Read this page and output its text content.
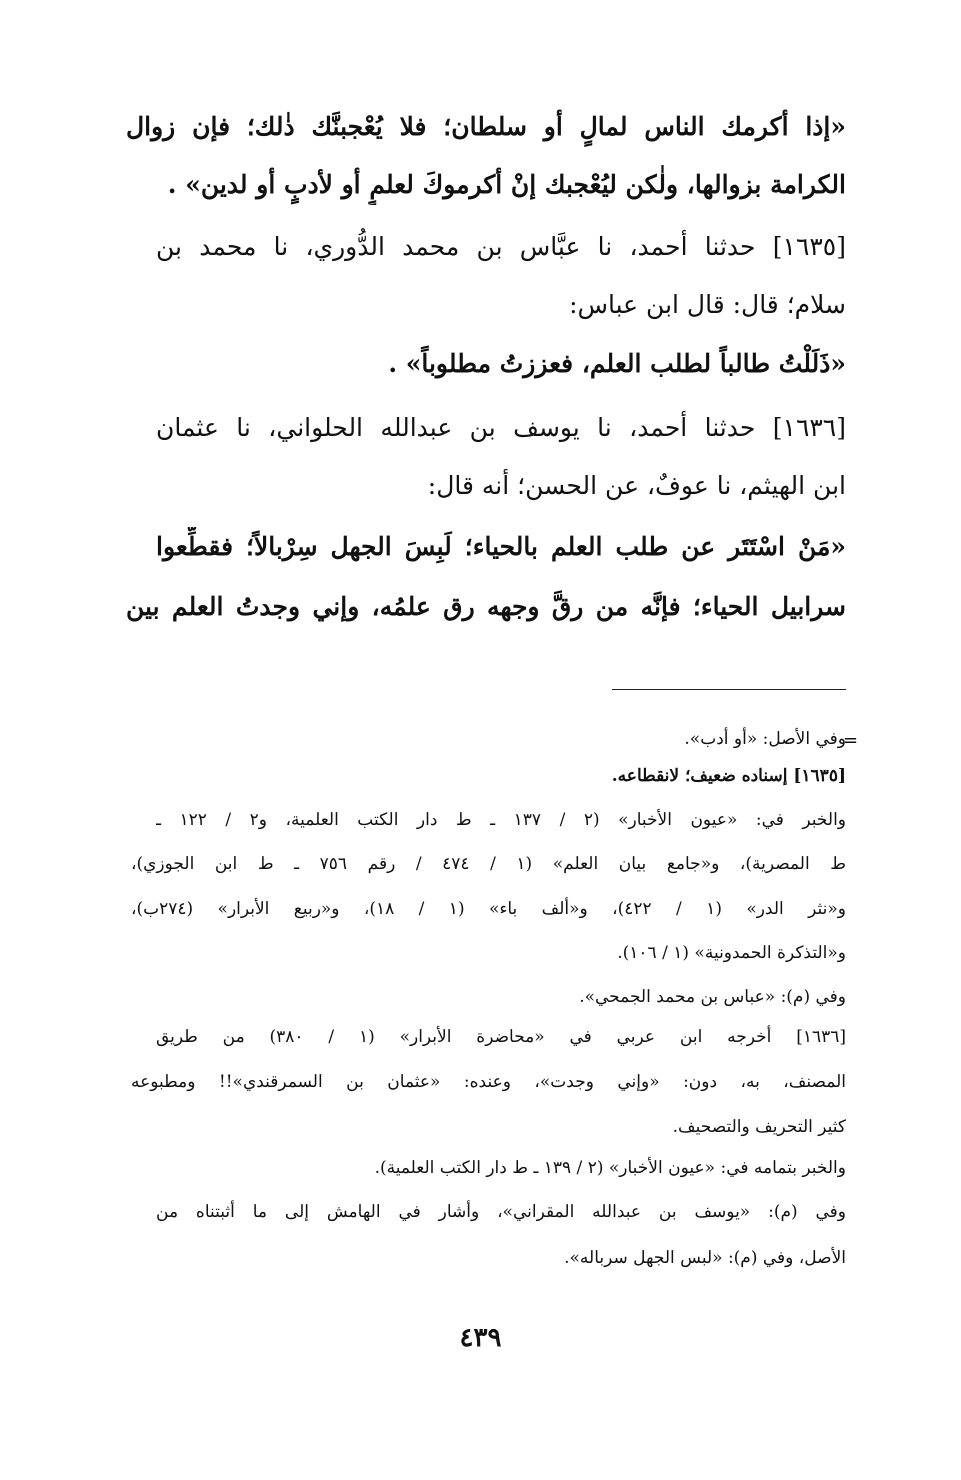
«إذا أكرمك الناس لمالٍ أو سلطان؛ فلا يُعْجبنَّك ذٰلك؛ فإن زوال
الكرامة بزوالها، ولٰكن ليُعْجبك إنْ أكرموكَ لعلمٍ أو لأدبٍ أو لدين» .
[١٦٣٥] حدثنا أحمد، نا عبَّاس بن محمد الدُّوري، نا محمد بن
سلام؛ قال: قال ابن عباس:
«ذَلَلْتُ طالباً لطلب العلم، فعززتُ مطلوباً» .
[١٦٣٦] حدثنا أحمد، نا يوسف بن عبدالله الحلواني، نا عثمان
ابن الهيثم، نا عوفٌ، عن الحسن؛ أنه قال:
«مَنْ اسْتَتَر عن طلب العلم بالحياء؛ لَبِسَ الجهل سِرْبالاً؛ فقطِّعوا
سرابيل الحياء؛ فإنَّه من رقَّ وجهه رق علمُه، وإني وجدتُ العلم بين
=
وفي الأصل: «أو أدب».
[١٦٣٥] إسناده ضعيف؛ لانقطاعه.
والخبر في: «عيون الأخبار» (٢ / ١٣٧ ـ ط دار الكتب العلمية، و٢ / ١٢٢ ـ
ط المصرية)، و«جامع بيان العلم» (١ / ٤٧٤ / رقم ٧٥٦ ـ ط ابن الجوزي)،
و«نثر الدر» (١ / ٤٢٢)، و«ألف باء» (١ / ١٨)، و«ربيع الأبرار» (٢٧٤ب)،
و«التذكرة الحمدونية» (١ / ١٠٦).
وفي (م): «عباس بن محمد الجمحي».
[١٦٣٦] أخرجه ابن عربي في «محاضرة الأبرار» (١ / ٣٨٠) من طريق
المصنف، به، دون: «وإني وجدت»، وعنده: «عثمان بن السمرقندي»!! ومطبوعه
كثير التحريف والتصحيف.
والخبر بتمامه في: «عيون الأخبار» (٢ / ١٣٩ ـ ط دار الكتب العلمية).
وفي (م): «يوسف بن عبدالله المقراني»، وأشار في الهامش إلى ما أثبتناه من
الأصل، وفي (م): «لبس الجهل سرباله».
٤٣٩
